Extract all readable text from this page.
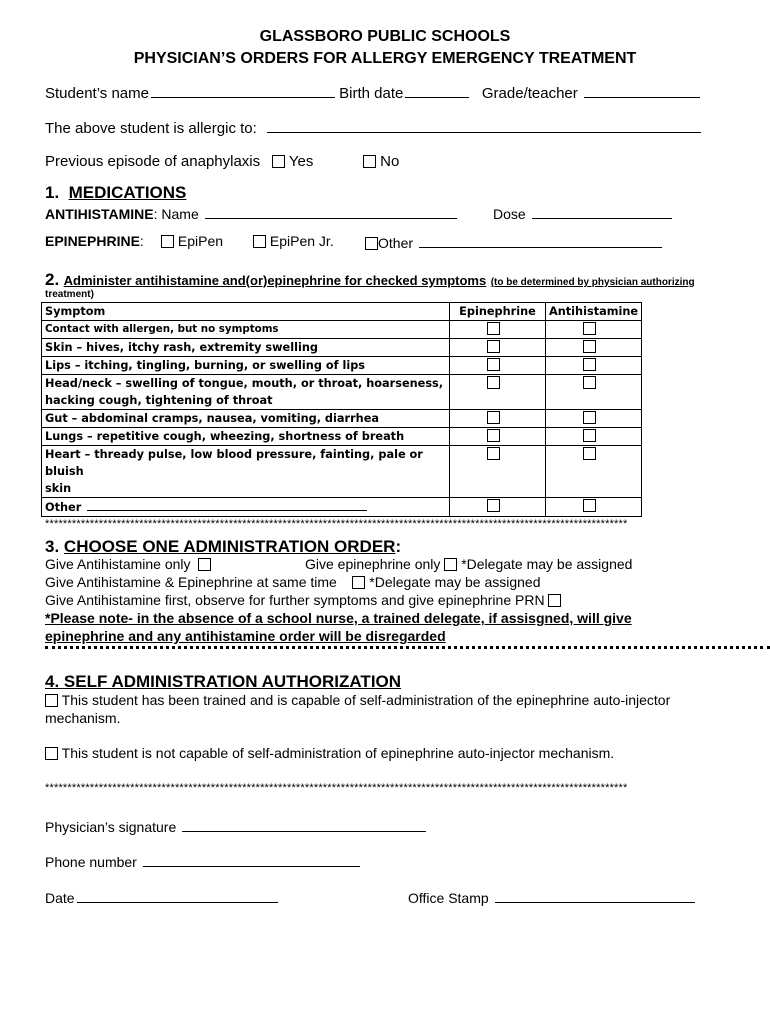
GLASSBORO PUBLIC SCHOOLS
PHYSICIAN’S ORDERS FOR ALLERGY EMERGENCY TREATMENT
Student’s name	Birth date	Grade/teacher
The above student is allergic to:
Previous episode of anaphylaxis	Yes	No
1. MEDICATIONS
ANTIHISTAMINE: Name	Dose
EPINEPHRINE:	EpiPen	EpiPen Jr.	Other
2. Administer antihistamine and(or)epinephrine for checked symptoms (to be determined by physician authorizing
treatment)
Symptom	Epinephrine	Antihistamine
Contact with allergen, but no symptoms		
Skin – hives, itchy rash, extremity swelling		
Lips – itching, tingling, burning, or swelling of lips		
Head/neck – swelling of tongue, mouth, or throat, hoarseness,
hacking cough, tightening of throat		
Gut – abdominal cramps, nausea, vomiting, diarrhea		
Lungs – repetitive cough, wheezing, shortness of breath		
Heart – thready pulse, low blood pressure, fainting, pale or bluish
skin		
Other		
**********************************************************************************************************************************
3. CHOOSE ONE ADMINISTRATION ORDER:
Give Antihistamine only	Give epinephrine only *Delegate may be assigned
Give Antihistamine & Epinephrine at same time *Delegate may be assigned
Give Antihistamine first, observe for further symptoms and give epinephrine PRN
*Please note- in the absence of a school nurse, a trained delegate, if assisgned, will give
epinephrine and any antihistamine order will be disregarded
4. SELF ADMINISTRATION AUTHORIZATION
This student has been trained and is capable of self-administration of the epinephrine auto-injector
mechanism.
This student is not capable of self-administration of epinephrine auto-injector mechanism.
**********************************************************************************************************************************
Physician’s signature
Phone number
Date	Office Stamp
